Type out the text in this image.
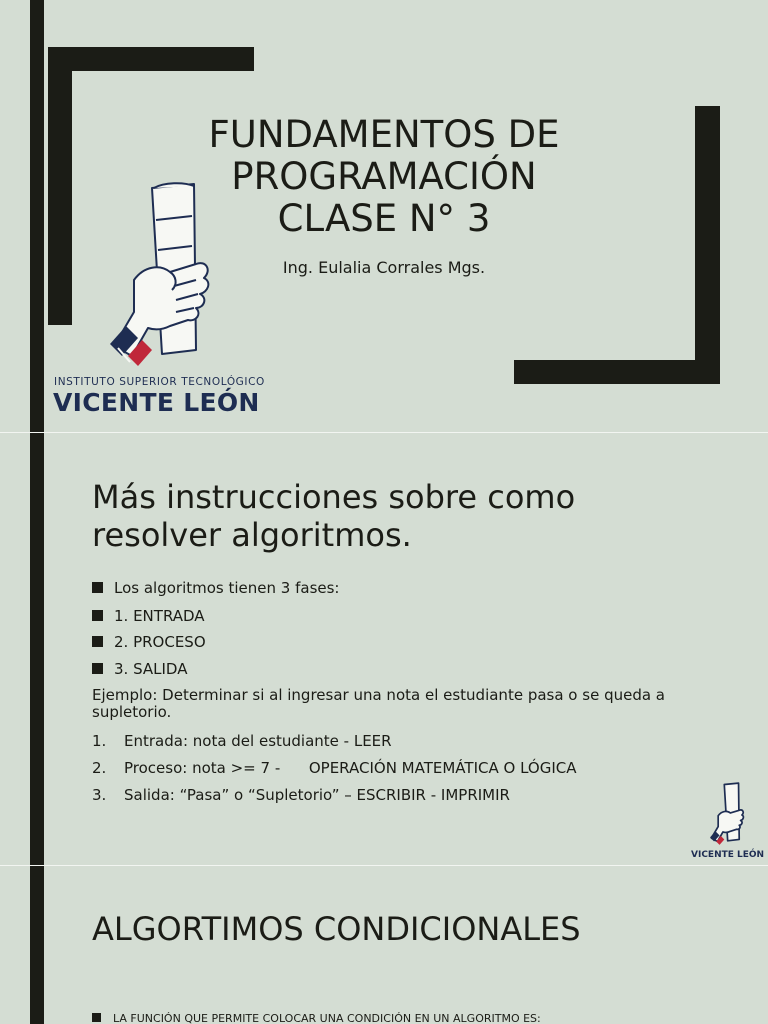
FUNDAMENTOS DE
PROGRAMACIÓN
CLASE N° 3
Ing. Eulalia Corrales Mgs.
INSTITUTO SUPERIOR TECNOLÓGICO
VICENTE LEÓN
Más instrucciones sobre como resolver algoritmos.
Los algoritmos tienen 3 fases:
1. ENTRADA
2. PROCESO
3. SALIDA
Ejemplo: Determinar si al ingresar una nota el estudiante pasa o se queda a supletorio.
1. Entrada: nota del estudiante - LEER
2. Proceso: nota >= 7 -      OPERACIÓN MATEMÁTICA O LÓGICA
3. Salida: “Pasa” o “Supletorio” – ESCRIBIR - IMPRIMIR
VICENTE LEÓN
ALGORTIMOS CONDICIONALES
LA FUNCIÓN QUE PERMITE COLOCAR UNA CONDICIÓN EN UN ALGORITMO ES:
